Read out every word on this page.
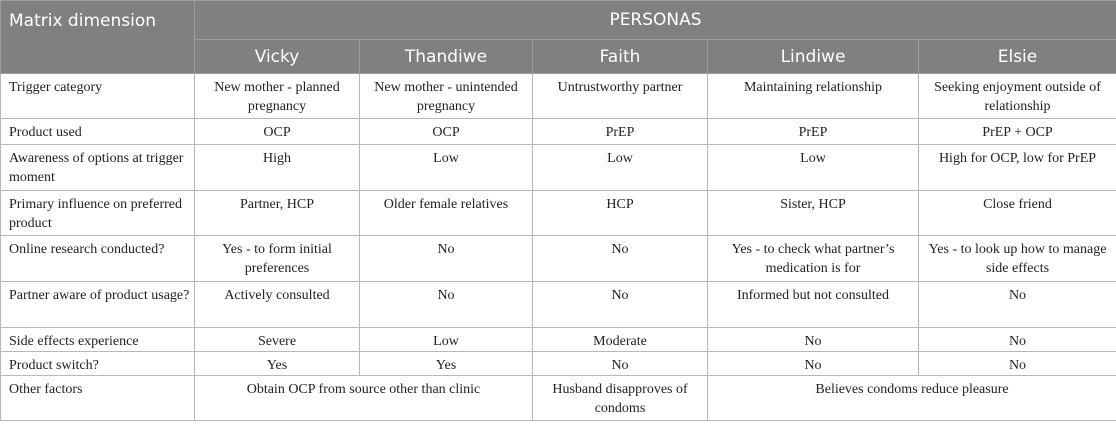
Matrix dimension	PERSONAS				
	Vicky	Thandiwe	Faith	Lindiwe	Elsie
Trigger category	New mother - planned pregnancy	New mother - unintended pregnancy	Untrustworthy partner	Maintaining relationship	Seeking enjoyment outside of relationship
Product used	OCP	OCP	PrEP	PrEP	PrEP + OCP
Awareness of options at trigger moment	High	Low	Low	Low	High for OCP, low for PrEP
Primary influence on preferred product	Partner, HCP	Older female relatives	HCP	Sister, HCP	Close friend
Online research conducted?	Yes - to form initial preferences	No	No	Yes - to check what partner’s medication is for	Yes - to look up how to manage side effects
Partner aware of product usage?	Actively consulted	No	No	Informed but not consulted	No
Side effects experience	Severe	Low	Moderate	No	No
Product switch?	Yes	Yes	No	No	No
Other factors	Obtain OCP from source other than clinic		Husband disapproves of condoms	Believes condoms reduce pleasure	
